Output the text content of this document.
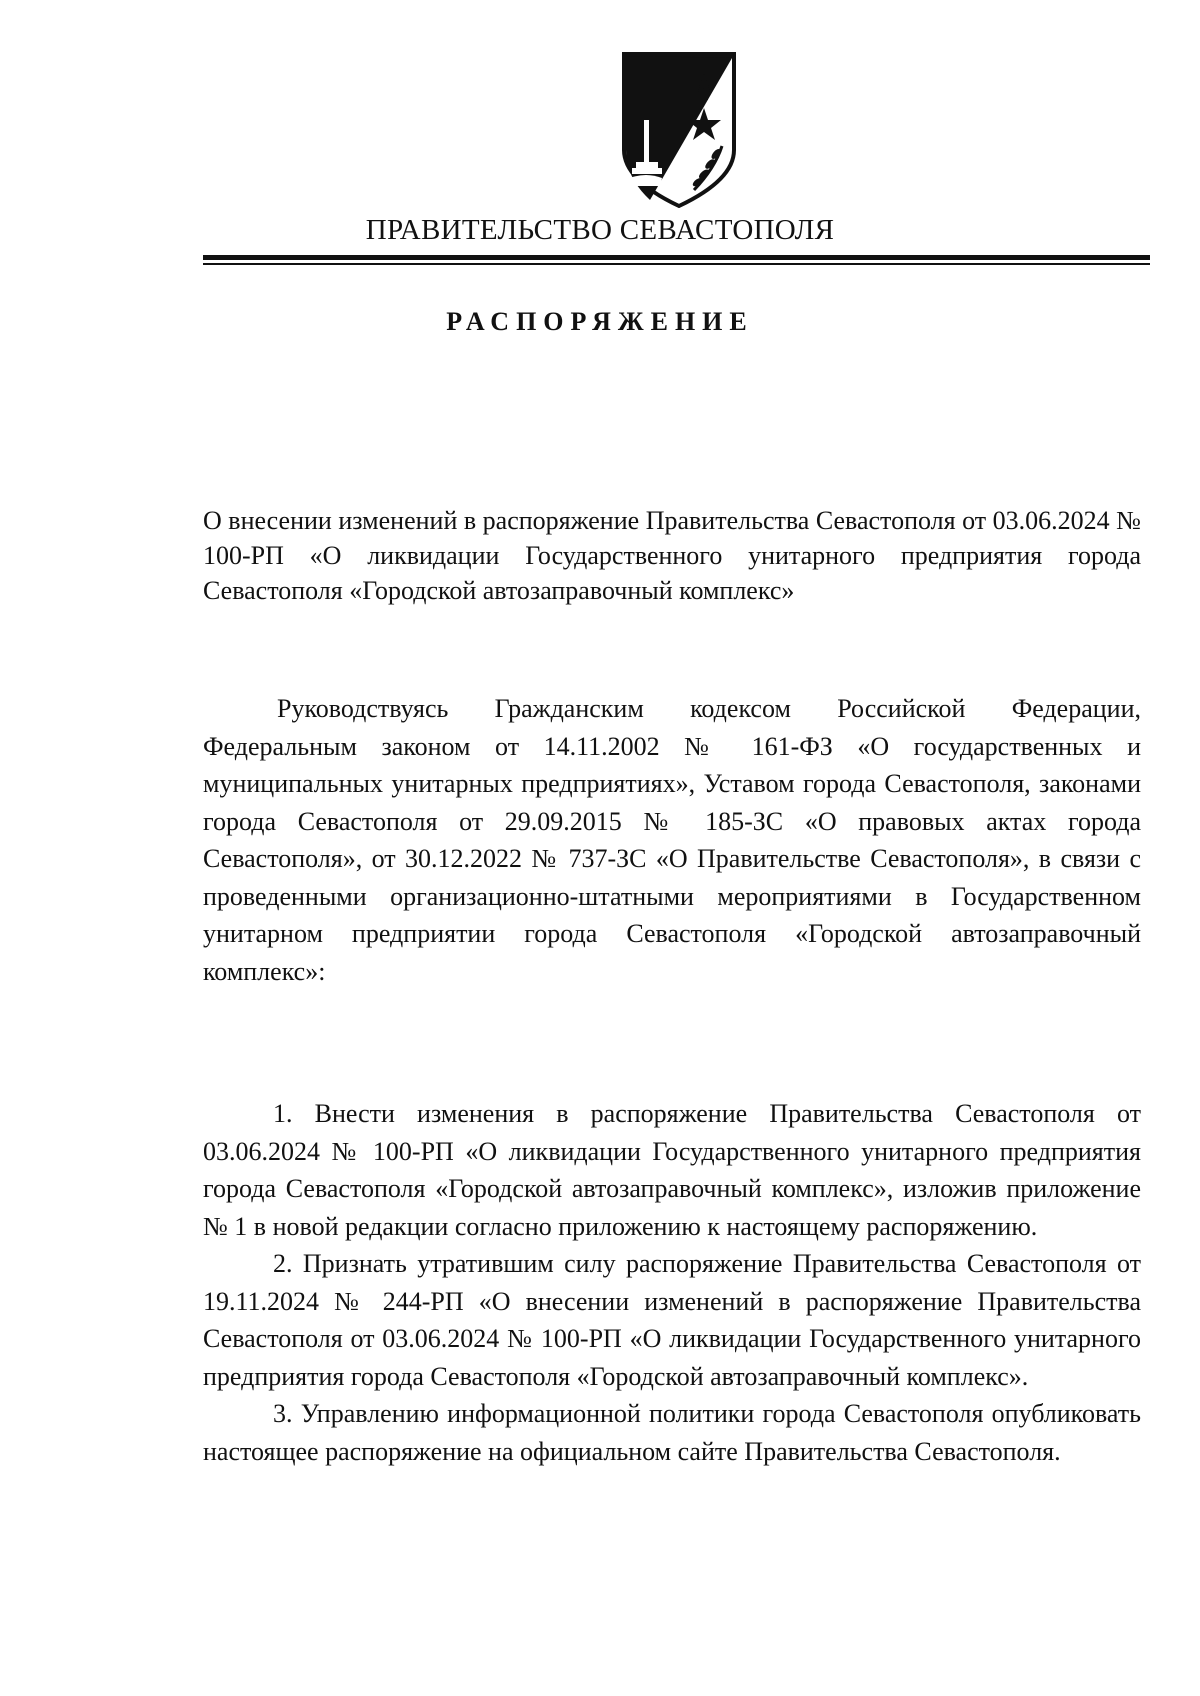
ПРАВИТЕЛЬСТВО СЕВАСТОПОЛЯ
РАСПОРЯЖЕНИЕ
О внесении изменений в распоряжение Правительства Севастополя от 03.06.2024 № 100-РП «О ликвидации Государственного унитарного предприятия города Севастополя «Городской автозаправочный комплекс»
Руководствуясь Гражданским кодексом Российской Федерации, Федеральным законом от 14.11.2002 № 161-ФЗ «О государственных и муниципальных унитарных предприятиях», Уставом города Севастополя, законами города Севастополя от 29.09.2015 № 185-ЗС «О правовых актах города Севастополя», от 30.12.2022 № 737-ЗС «О Правительстве Севастополя», в связи с проведенными организационно-штатными мероприятиями в Государственном унитарном предприятии города Севастополя «Городской автозаправочный комплекс»:

1. Внести изменения в распоряжение Правительства Севастополя от 03.06.2024 № 100-РП «О ликвидации Государственного унитарного предприятия города Севастополя «Городской автозаправочный комплекс», изложив приложение № 1 в новой редакции согласно приложению к настоящему распоряжению.

2. Признать утратившим силу распоряжение Правительства Севастополя от 19.11.2024 № 244-РП «О внесении изменений в распоряжение Правительства Севастополя от 03.06.2024 № 100-РП «О ликвидации Государственного унитарного предприятия города Севастополя «Городской автозаправочный комплекс».

3. Управлению информационной политики города Севастополя опубликовать настоящее распоряжение на официальном сайте Правительства Севастополя.
